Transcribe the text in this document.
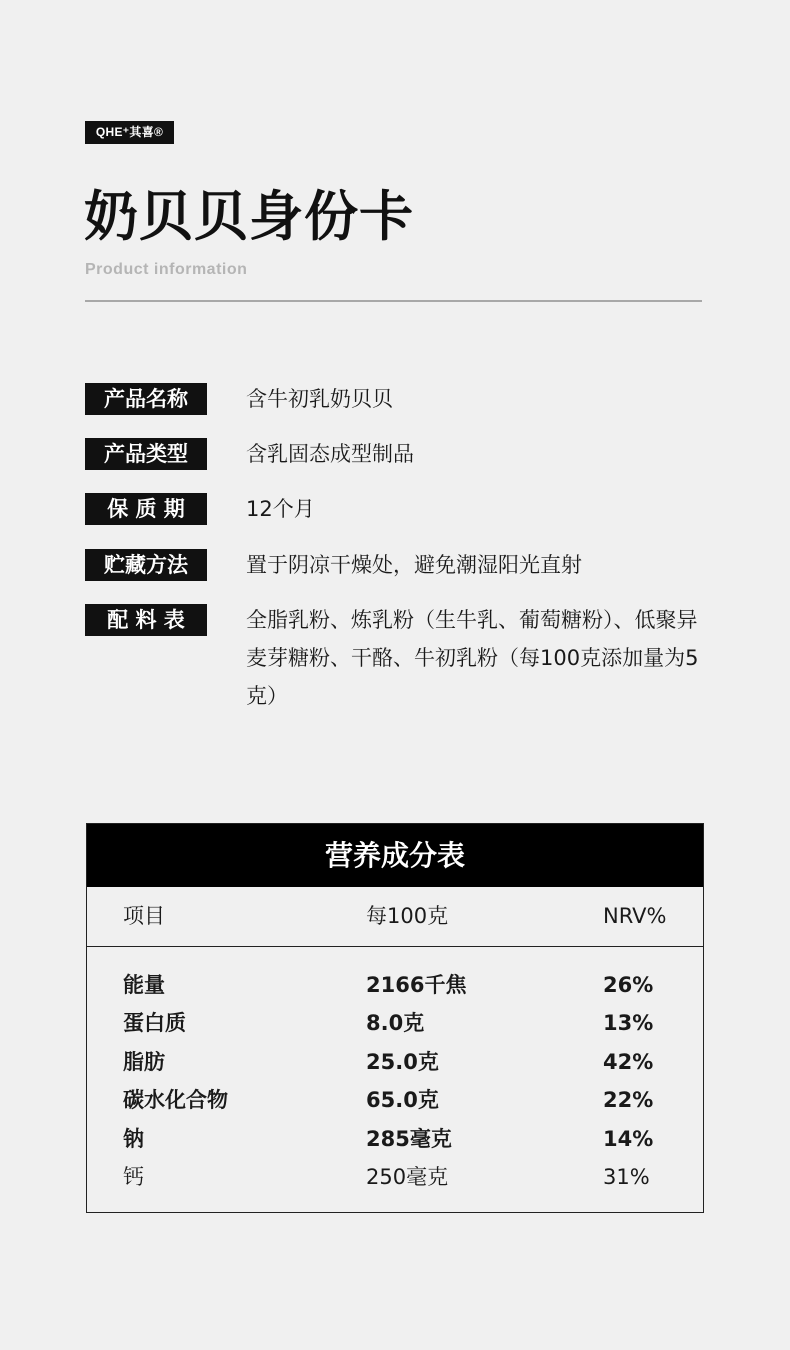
QHE⁺其喜®
奶贝贝身份卡
Product information
产品名称	含牛初乳奶贝贝
产品类型	含乳固态成型制品
保 质 期	12个月
贮藏方法	置于阴凉干燥处，避免潮湿阳光直射
配 料 表	全脂乳粉、炼乳粉（生牛乳、葡萄糖粉）、低聚异麦芽糖粉、干酪、牛初乳粉（每100克添加量为5克）
营养成分表
项目	每100克	NRV%
能量	2166千焦	26%
蛋白质	8.0克	13%
脂肪	25.0克	42%
碳水化合物	65.0克	22%
钠	285毫克	14%
钙	250毫克	31%
